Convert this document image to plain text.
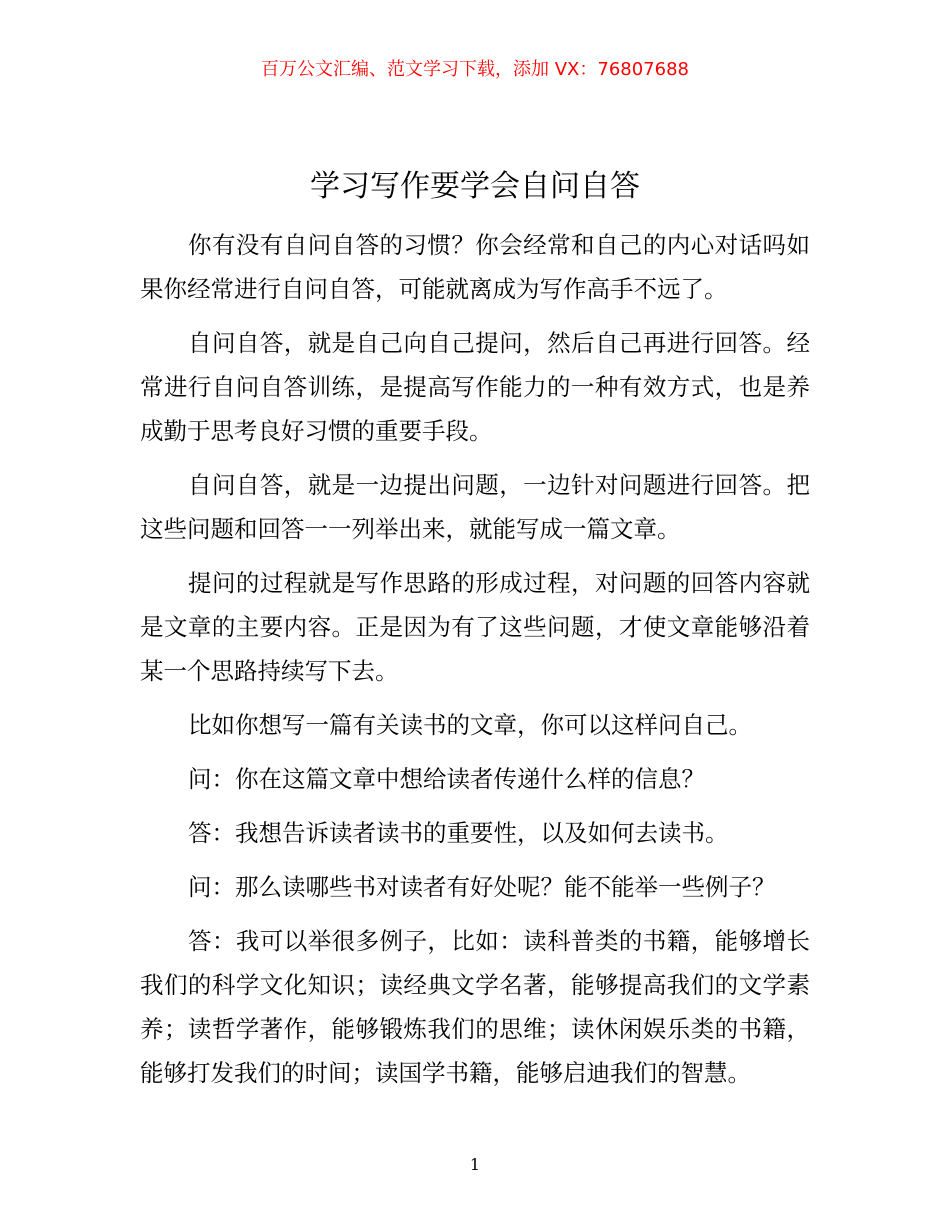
百万公文汇编、范文学习下载，添加 VX：76807688
学习写作要学会自问自答

你有没有自问自答的习惯？你会经常和自己的内心对话吗如果你经常进行自问自答，可能就离成为写作高手不远了。

自问自答，就是自己向自己提问，然后自己再进行回答。经常进行自问自答训练，是提高写作能力的一种有效方式，也是养成勤于思考良好习惯的重要手段。

自问自答，就是一边提出问题，一边针对问题进行回答。把这些问题和回答一一列举出来，就能写成一篇文章。

提问的过程就是写作思路的形成过程，对问题的回答内容就是文章的主要内容。正是因为有了这些问题，才使文章能够沿着某一个思路持续写下去。

比如你想写一篇有关读书的文章，你可以这样问自己。

问：你在这篇文章中想给读者传递什么样的信息？

答：我想告诉读者读书的重要性，以及如何去读书。

问：那么读哪些书对读者有好处呢？能不能举一些例子？

答：我可以举很多例子，比如：读科普类的书籍，能够增长我们的科学文化知识；读经典文学名著，能够提高我们的文学素养；读哲学著作，能够锻炼我们的思维；读休闲娱乐类的书籍，能够打发我们的时间；读国学书籍，能够启迪我们的智慧。

1
